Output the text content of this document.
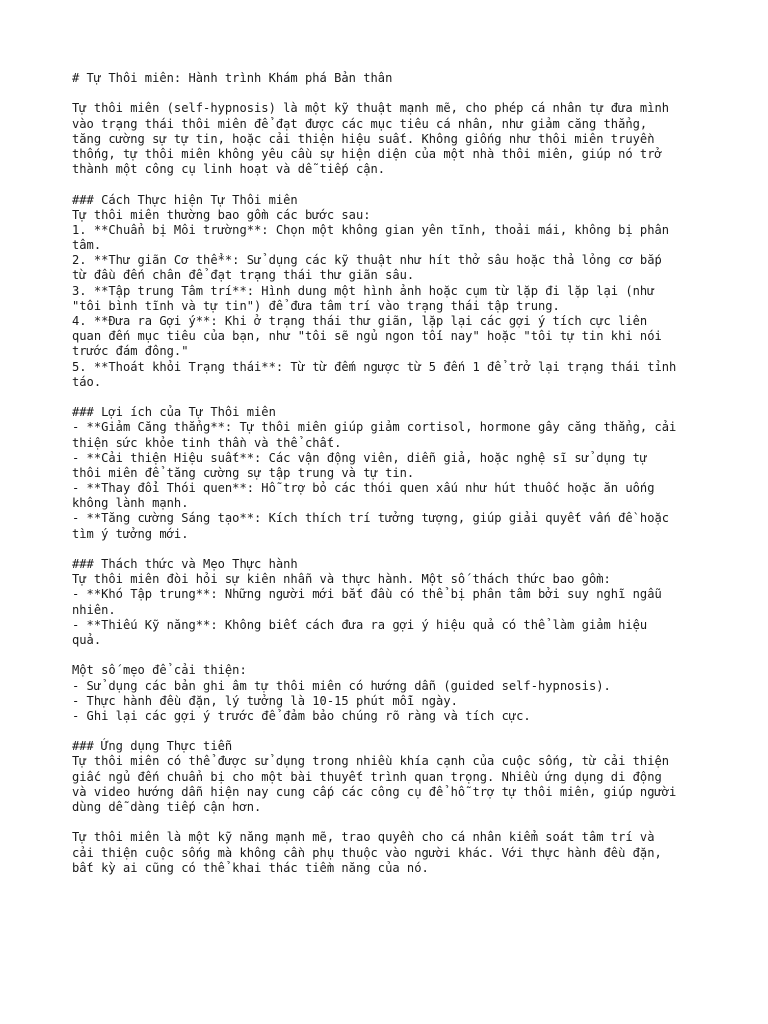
# Tự Thôi miên: Hành trình Khám phá Bản thân
Tự thôi miên (self-hypnosis) là một kỹ thuật mạnh mẽ, cho phép cá nhân tự đưa mình
vào trạng thái thôi miên để đạt được các mục tiêu cá nhân, như giảm căng thẳng,
tăng cường sự tự tin, hoặc cải thiện hiệu suất. Không giống như thôi miên truyền
thống, tự thôi miên không yêu cầu sự hiện diện của một nhà thôi miên, giúp nó trở
thành một công cụ linh hoạt và dễ tiếp cận.
### Cách Thực hiện Tự Thôi miên
Tự thôi miên thường bao gồm các bước sau:
1. **Chuẩn bị Môi trường**: Chọn một không gian yên tĩnh, thoải mái, không bị phân
tâm.
2. **Thư giãn Cơ thể**: Sử dụng các kỹ thuật như hít thở sâu hoặc thả lỏng cơ bắp
từ đầu đến chân để đạt trạng thái thư giãn sâu.
3. **Tập trung Tâm trí**: Hình dung một hình ảnh hoặc cụm từ lặp đi lặp lại (như
"tôi bình tĩnh và tự tin") để đưa tâm trí vào trạng thái tập trung.
4. **Đưa ra Gợi ý**: Khi ở trạng thái thư giãn, lặp lại các gợi ý tích cực liên
quan đến mục tiêu của bạn, như "tôi sẽ ngủ ngon tối nay" hoặc "tôi tự tin khi nói
trước đám đông."
5. **Thoát khỏi Trạng thái**: Từ từ đếm ngược từ 5 đến 1 để trở lại trạng thái tỉnh
táo.
### Lợi ích của Tự Thôi miên
- **Giảm Căng thẳng**: Tự thôi miên giúp giảm cortisol, hormone gây căng thẳng, cải
thiện sức khỏe tinh thần và thể chất.
- **Cải thiện Hiệu suất**: Các vận động viên, diễn giả, hoặc nghệ sĩ sử dụng tự
thôi miên để tăng cường sự tập trung và tự tin.
- **Thay đổi Thói quen**: Hỗ trợ bỏ các thói quen xấu như hút thuốc hoặc ăn uống
không lành mạnh.
- **Tăng cường Sáng tạo**: Kích thích trí tưởng tượng, giúp giải quyết vấn đề hoặc
tìm ý tưởng mới.
### Thách thức và Mẹo Thực hành
Tự thôi miên đòi hỏi sự kiên nhẫn và thực hành. Một số thách thức bao gồm:
- **Khó Tập trung**: Những người mới bắt đầu có thể bị phân tâm bởi suy nghĩ ngẫu
nhiên.
- **Thiếu Kỹ năng**: Không biết cách đưa ra gợi ý hiệu quả có thể làm giảm hiệu
quả.
Một số mẹo để cải thiện:
- Sử dụng các bản ghi âm tự thôi miên có hướng dẫn (guided self-hypnosis).
- Thực hành đều đặn, lý tưởng là 10-15 phút mỗi ngày.
- Ghi lại các gợi ý trước để đảm bảo chúng rõ ràng và tích cực.
### Ứng dụng Thực tiễn
Tự thôi miên có thể được sử dụng trong nhiều khía cạnh của cuộc sống, từ cải thiện
giấc ngủ đến chuẩn bị cho một bài thuyết trình quan trọng. Nhiều ứng dụng di động
và video hướng dẫn hiện nay cung cấp các công cụ để hỗ trợ tự thôi miên, giúp người
dùng dễ dàng tiếp cận hơn.
Tự thôi miên là một kỹ năng mạnh mẽ, trao quyền cho cá nhân kiểm soát tâm trí và
cải thiện cuộc sống mà không cần phụ thuộc vào người khác. Với thực hành đều đặn,
bất kỳ ai cũng có thể khai thác tiềm năng của nó.
